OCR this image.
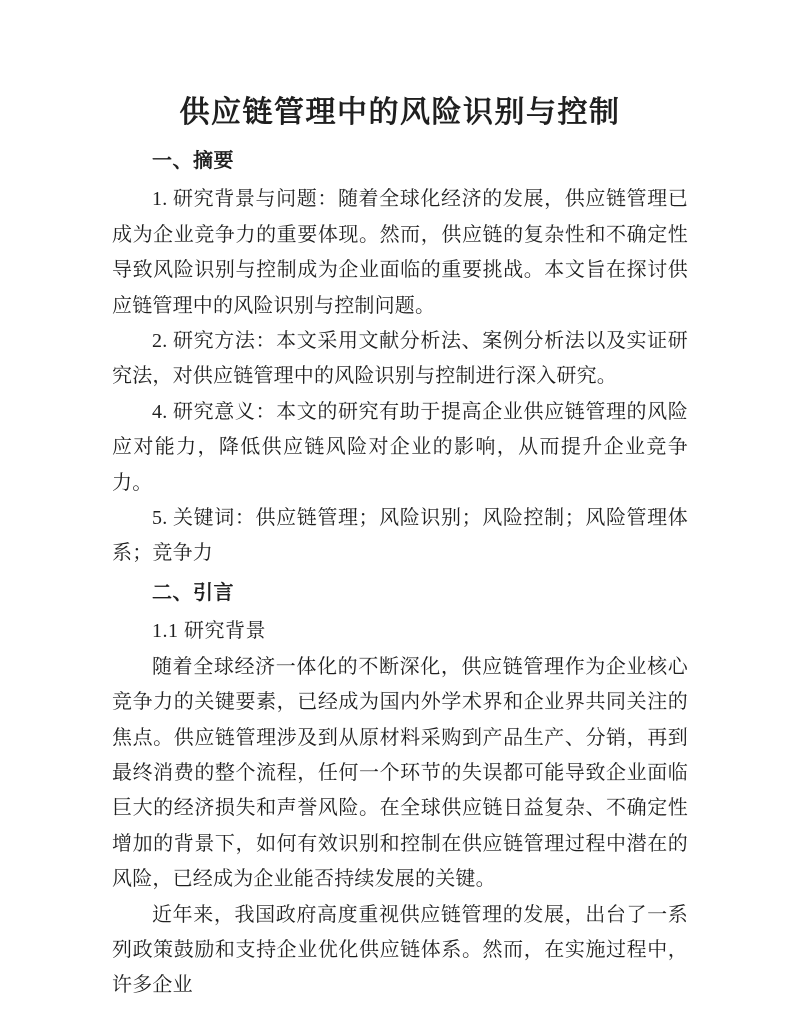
供应链管理中的风险识别与控制
一、摘要

1. 研究背景与问题：随着全球化经济的发展，供应链管理已成为企业竞争力的重要体现。然而，供应链的复杂性和不确定性导致风险识别与控制成为企业面临的重要挑战。本文旨在探讨供应链管理中的风险识别与控制问题。

2. 研究方法：本文采用文献分析法、案例分析法以及实证研究法，对供应链管理中的风险识别与控制进行深入研究。

4. 研究意义：本文的研究有助于提高企业供应链管理的风险应对能力，降低供应链风险对企业的影响，从而提升企业竞争力。

5. 关键词：供应链管理；风险识别；风险控制；风险管理体系；竞争力

二、引言
1.1 研究背景

随着全球经济一体化的不断深化，供应链管理作为企业核心竞争力的关键要素，已经成为国内外学术界和企业界共同关注的焦点。供应链管理涉及到从原材料采购到产品生产、分销，再到最终消费的整个流程，任何一个环节的失误都可能导致企业面临巨大的经济损失和声誉风险。在全球供应链日益复杂、不确定性增加的背景下，如何有效识别和控制在供应链管理过程中潜在的风险，已经成为企业能否持续发展的关键。

近年来，我国政府高度重视供应链管理的发展，出台了一系列政策鼓励和支持企业优化供应链体系。然而，在实施过程中，许多企业
